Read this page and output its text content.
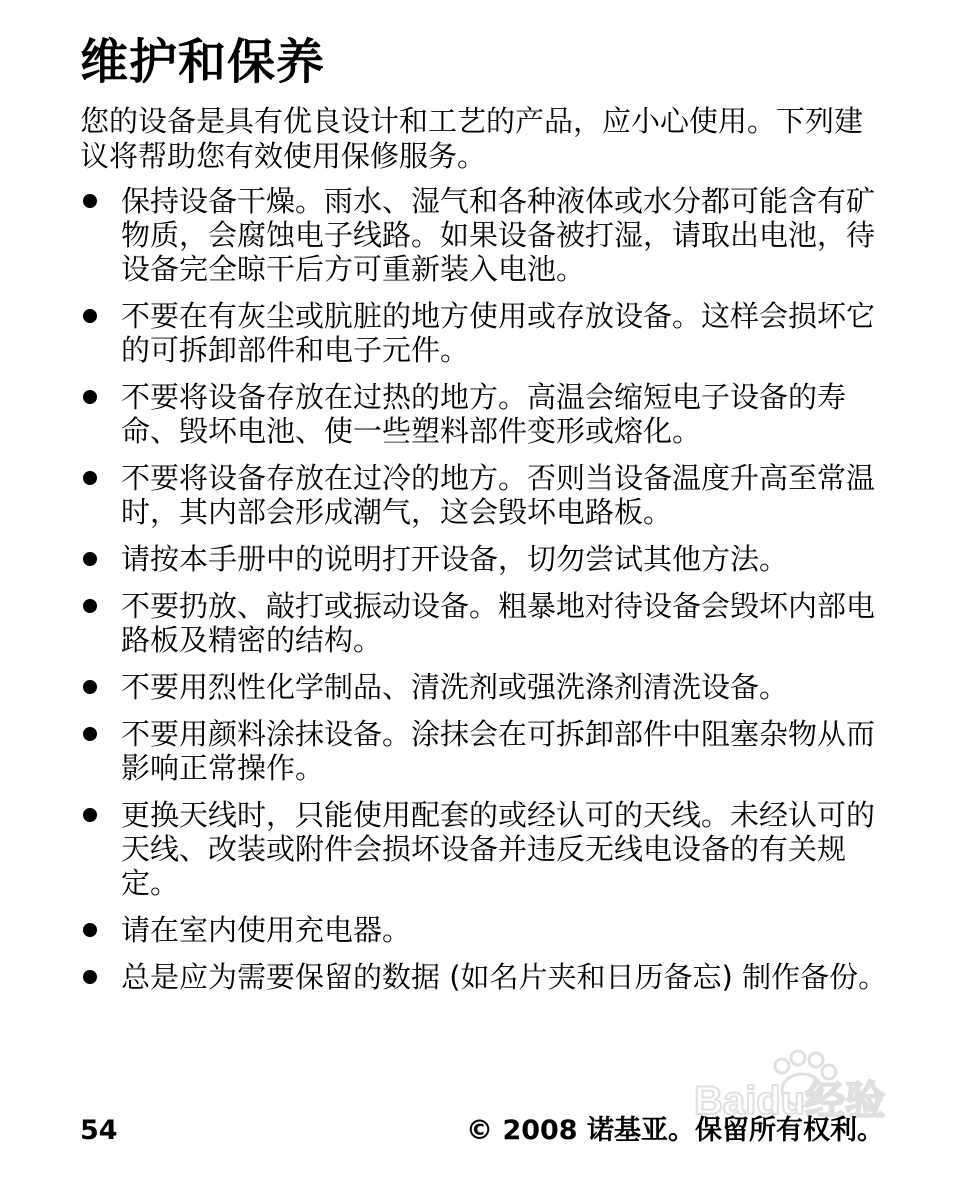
维护和保养

您的设备是具有优良设计和工艺的产品，应小心使用。下列建议将帮助您有效使用保修服务。

保持设备干燥。雨水、湿气和各种液体或水分都可能含有矿物质，会腐蚀电子线路。如果设备被打湿，请取出电池，待设备完全晾干后方可重新装入电池。
不要在有灰尘或肮脏的地方使用或存放设备。这样会损坏它的可拆卸部件和电子元件。
不要将设备存放在过热的地方。高温会缩短电子设备的寿命、毁坏电池、使一些塑料部件变形或熔化。
不要将设备存放在过冷的地方。否则当设备温度升高至常温时，其内部会形成潮气，这会毁坏电路板。
请按本手册中的说明打开设备，切勿尝试其他方法。
不要扔放、敲打或振动设备。粗暴地对待设备会毁坏内部电路板及精密的结构。
不要用烈性化学制品、清洗剂或强洗涤剂清洗设备。
不要用颜料涂抹设备。涂抹会在可拆卸部件中阻塞杂物从而影响正常操作。
更换天线时，只能使用配套的或经认可的天线。未经认可的天线、改装或附件会损坏设备并违反无线电设备的有关规定。
请在室内使用充电器。
总是应为需要保留的数据 (如名片夹和日历备忘) 制作备份。
Baidu经验
54	© 2008 诺基亚。保留所有权利。
